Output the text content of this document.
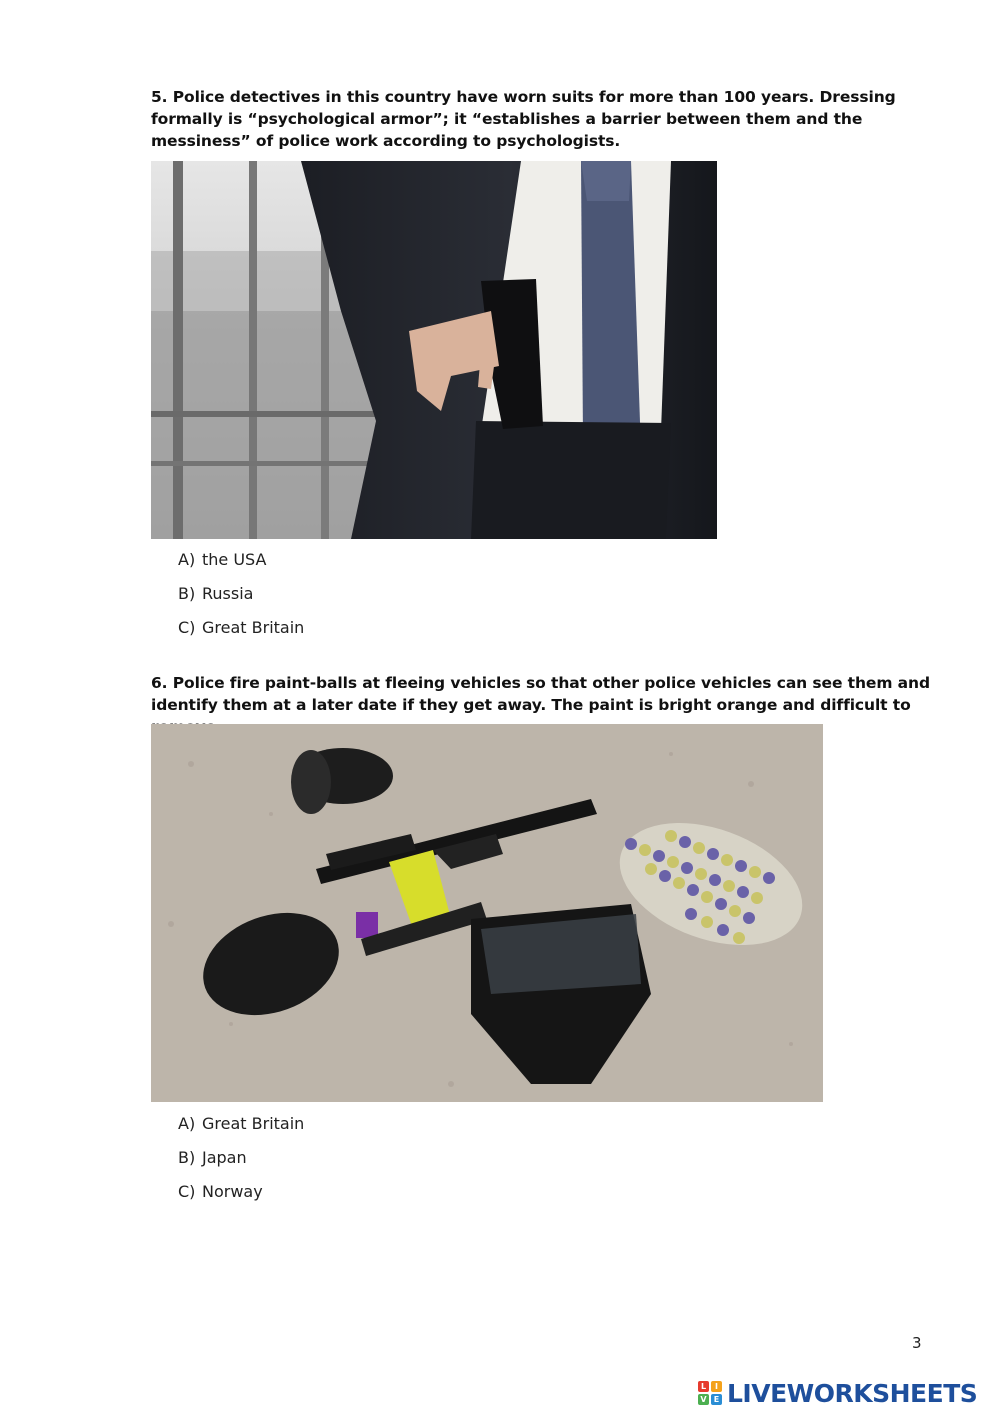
5. Police detectives in this country have worn suits for more than 100 years. Dressing formally is “psychological armor”; it “establishes a barrier between them and the messiness” of police work according to psychologists.

A) the USA
B) Russia
C) Great Britain

6. Police fire paint-balls at fleeing vehicles so that other police vehicles can see them and identify them at a later date if they get away. The paint is bright orange and difficult to

A) Great Britain
B) Japan
C) Norway
3
L	I
V E LIVEWORKSHEETS
